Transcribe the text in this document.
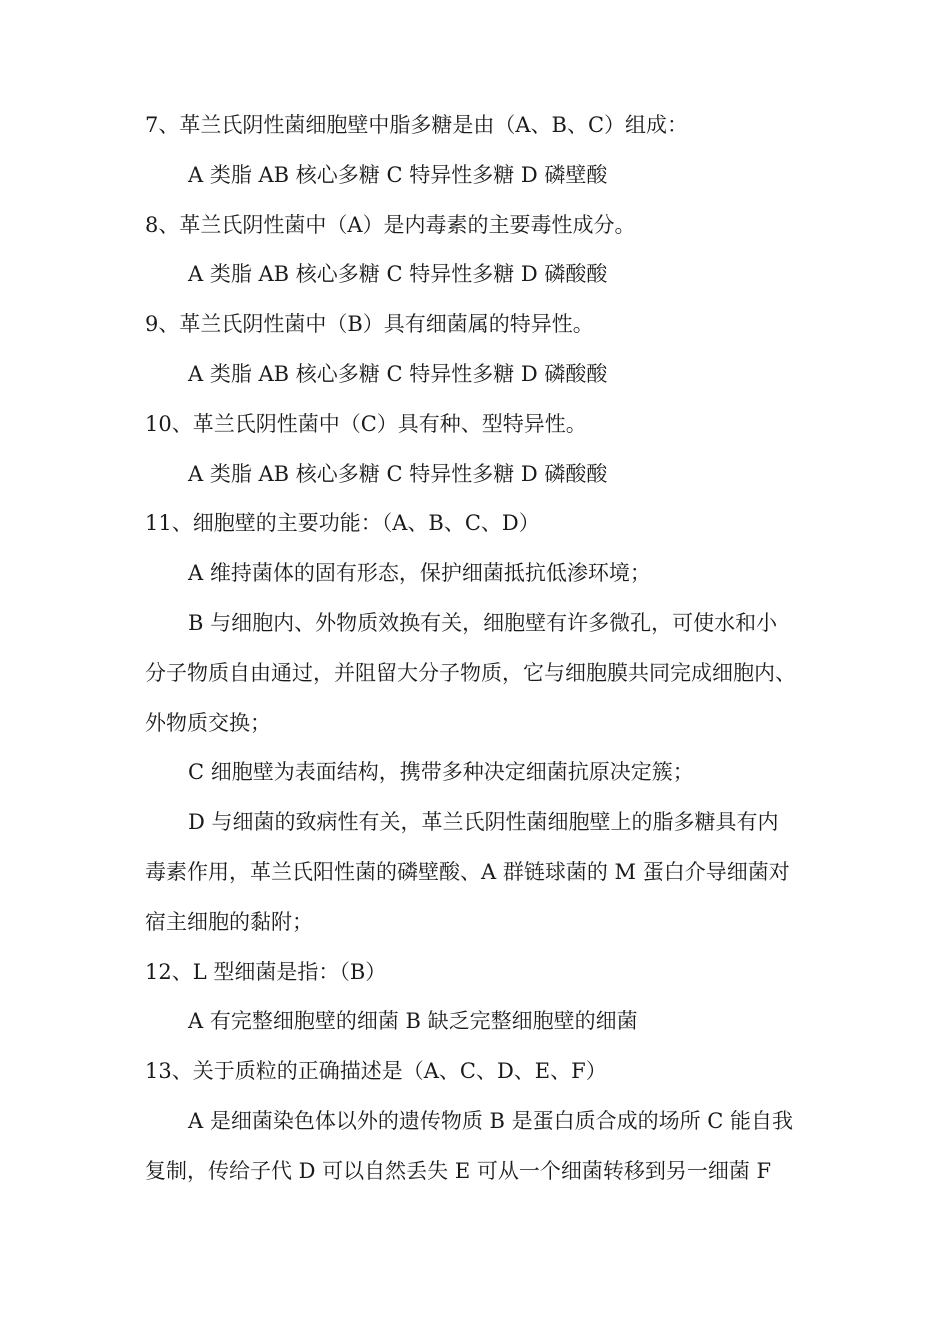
7、革兰氏阴性菌细胞壁中脂多糖是由（A、B、C）组成：
A 类脂 AB 核心多糖 C 特异性多糖 D 磷壁酸
8、革兰氏阴性菌中（A）是内毒素的主要毒性成分。
A 类脂 AB 核心多糖 C 特异性多糖 D 磷酸酸
9、革兰氏阴性菌中（B）具有细菌属的特异性。
A 类脂 AB 核心多糖 C 特异性多糖 D 磷酸酸
10、革兰氏阴性菌中（C）具有种、型特异性。
A 类脂 AB 核心多糖 C 特异性多糖 D 磷酸酸
11、细胞壁的主要功能：（A、B、C、D）
A 维持菌体的固有形态，保护细菌抵抗低渗环境；
B 与细胞内、外物质效换有关，细胞壁有许多微孔，可使水和小
分子物质自由通过，并阻留大分子物质，它与细胞膜共同完成细胞内、
外物质交换；
C 细胞壁为表面结构，携带多种决定细菌抗原决定簇；
D 与细菌的致病性有关，革兰氏阴性菌细胞壁上的脂多糖具有内
毒素作用，革兰氏阳性菌的磷壁酸、A 群链球菌的 M 蛋白介导细菌对
宿主细胞的黏附；
12、L 型细菌是指：（B）
A 有完整细胞壁的细菌 B 缺乏完整细胞壁的细菌
13、关于质粒的正确描述是（A、C、D、E、F）
A 是细菌染色体以外的遗传物质 B 是蛋白质合成的场所 C 能自我
复制，传给子代 D 可以自然丢失 E 可从一个细菌转移到另一细菌 F
